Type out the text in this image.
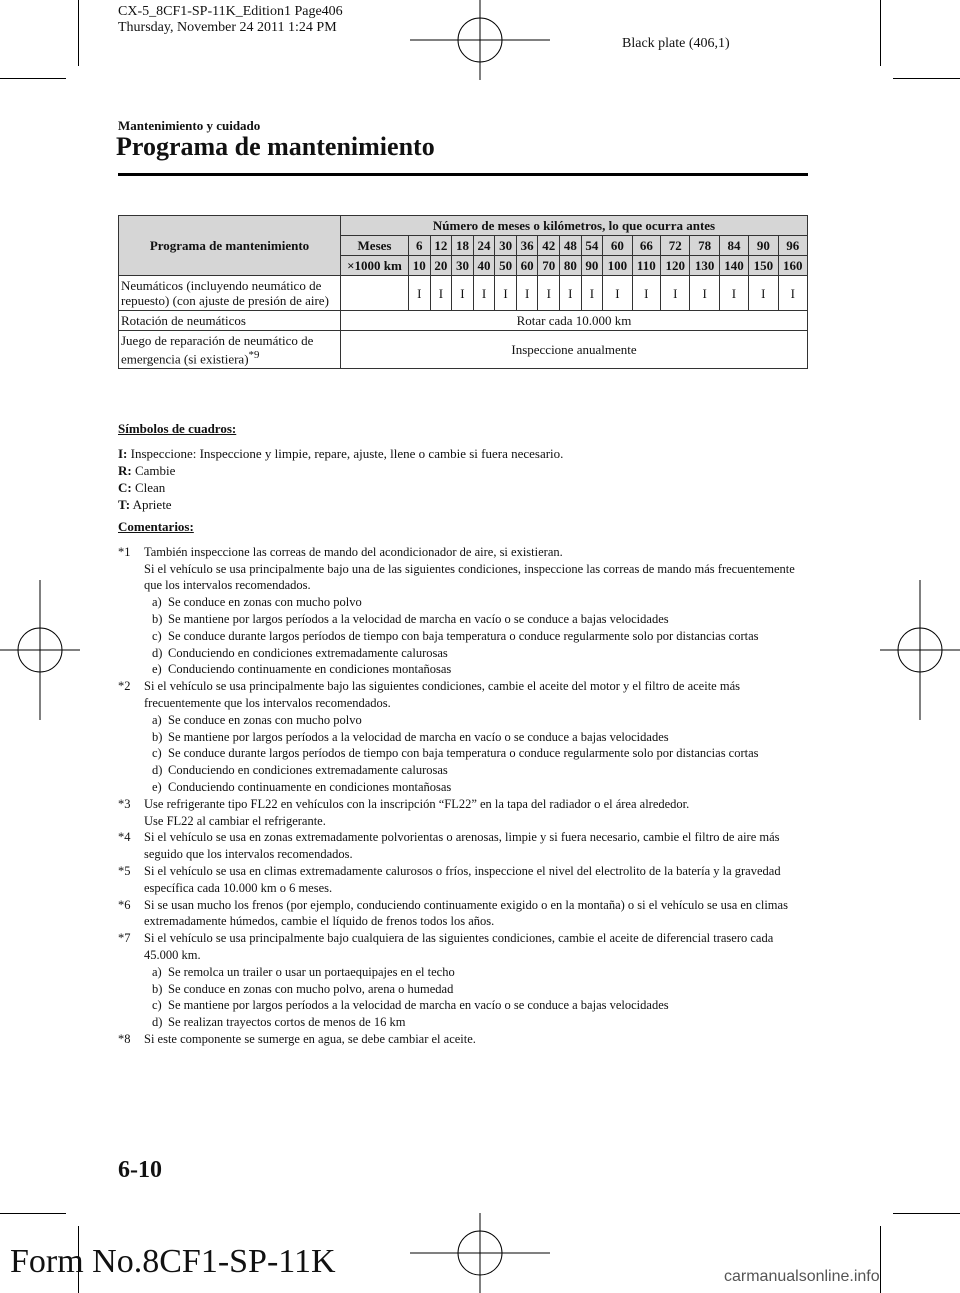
CX-5_8CF1-SP-11K_Edition1 Page406
Thursday, November 24 2011 1:24 PM
Black plate (406,1)
Mantenimiento y cuidado
Programa de mantenimiento
Programa de mantenimiento	Número de meses o kilómetros, lo que ocurra antes																
	Meses	6	12	18	24	30	36	42	48	54	60	66	72	78	84	90	96
	×1000 km	10	20	30	40	50	60	70	80	90	100	110	120	130	140	150	160
Neumáticos (incluyendo neumático de repuesto) (con ajuste de presión de aire)		I	I	I	I	I	I	I	I	I	I	I	I	I	I	I	I
Rotación de neumáticos	Rotar cada 10.000 km																
Juego de reparación de neumático de emergencia (si existiera)$^{*9}$	Inspeccione anualmente																
Símbolos de cuadros:
I: Inspeccione: Inspeccione y limpie, repare, ajuste, llene o cambie si fuera necesario.
R: Cambie
C: Clean
T: Apriete
Comentarios:
*1	También inspeccione las correas de mando del acondicionador de aire, si existieran.
Si el vehículo se usa principalmente bajo una de las siguientes condiciones, inspeccione las correas de mando más frecuentemente que los intervalos recomendados.
a) Se conduce en zonas con mucho polvo
b) Se mantiene por largos períodos a la velocidad de marcha en vacío o se conduce a bajas velocidades
c) Se conduce durante largos períodos de tiempo con baja temperatura o conduce regularmente solo por distancias cortas
d) Conduciendo en condiciones extremadamente calurosas
e) Conduciendo continuamente en condiciones montañosas
*2	Si el vehículo se usa principalmente bajo las siguientes condiciones, cambie el aceite del motor y el filtro de aceite más frecuentemente que los intervalos recomendados.
a) Se conduce en zonas con mucho polvo
b) Se mantiene por largos períodos a la velocidad de marcha en vacío o se conduce a bajas velocidades
c) Se conduce durante largos períodos de tiempo con baja temperatura o conduce regularmente solo por distancias cortas
d) Conduciendo en condiciones extremadamente calurosas
e) Conduciendo continuamente en condiciones montañosas
*3	Use refrigerante tipo FL22 en vehículos con la inscripción “FL22” en la tapa del radiador o el área alrededor.
Use FL22 al cambiar el refrigerante.
*4	Si el vehículo se usa en zonas extremadamente polvorientas o arenosas, limpie y si fuera necesario, cambie el filtro de aire más seguido que los intervalos recomendados.
*5	Si el vehículo se usa en climas extremadamente calurosos o fríos, inspeccione el nivel del electrolito de la batería y la gravedad específica cada 10.000 km o 6 meses.
*6	Si se usan mucho los frenos (por ejemplo, conduciendo continuamente exigido o en la montaña) o si el vehículo se usa en climas extremadamente húmedos, cambie el líquido de frenos todos los años.
*7	Si el vehículo se usa principalmente bajo cualquiera de las siguientes condiciones, cambie el aceite de diferencial trasero cada 45.000 km.
a) Se remolca un trailer o usar un portaequipajes en el techo
b) Se conduce en zonas con mucho polvo, arena o humedad
c) Se mantiene por largos períodos a la velocidad de marcha en vacío o se conduce a bajas velocidades
d) Se realizan trayectos cortos de menos de 16 km
*8	Si este componente se sumerge en agua, se debe cambiar el aceite.
6-10
Form No.8CF1-SP-11K	carmanualsonline.info
